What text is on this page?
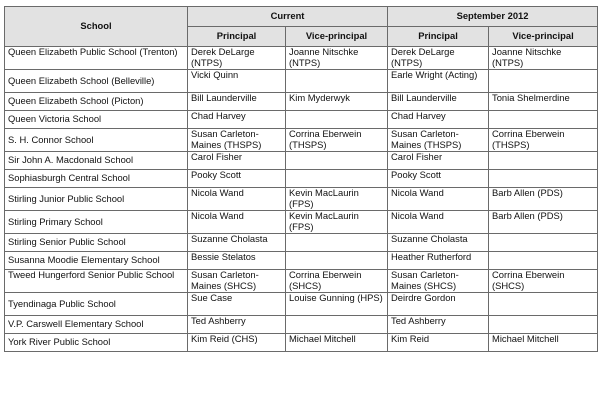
School	Current		September 2012	
	Principal	Vice-principal	Principal	Vice-principal
Queen Elizabeth Public School (Trenton)	Derek DeLarge (NTPS)	Joanne Nitschke (NTPS)	Derek DeLarge (NTPS)	Joanne Nitschke (NTPS)
Queen Elizabeth School (Belleville)	Vicki Quinn		Earle Wright (Acting)	
Queen Elizabeth School (Picton)	Bill Launderville	Kim Myderwyk	Bill Launderville	Tonia Shelmerdine
Queen Victoria School	Chad Harvey		Chad Harvey	
S. H. Connor School	Susan Carleton-Maines (THSPS)	Corrina Eberwein (THSPS)	Susan Carleton-Maines (THSPS)	Corrina Eberwein (THSPS)
Sir John A. Macdonald School	Carol Fisher		Carol Fisher	
Sophiasburgh Central School	Pooky Scott		Pooky Scott	
Stirling Junior Public School	Nicola Wand	Kevin MacLaurin (FPS)	Nicola Wand	Barb Allen (PDS)
Stirling Primary School	Nicola Wand	Kevin MacLaurin (FPS)	Nicola Wand	Barb Allen (PDS)
Stirling Senior Public School	Suzanne Cholasta		Suzanne Cholasta	
Susanna Moodie Elementary School	Bessie Stelatos		Heather Rutherford	
Tweed Hungerford Senior Public School	Susan Carleton-Maines (SHCS)	Corrina Eberwein (SHCS)	Susan Carleton-Maines (SHCS)	Corrina Eberwein (SHCS)
Tyendinaga Public School	Sue Case	Louise Gunning (HPS)	Deirdre Gordon	
V.P. Carswell Elementary School	Ted Ashberry		Ted Ashberry	
York River Public School	Kim Reid (CHS)	Michael Mitchell	Kim Reid	Michael Mitchell
